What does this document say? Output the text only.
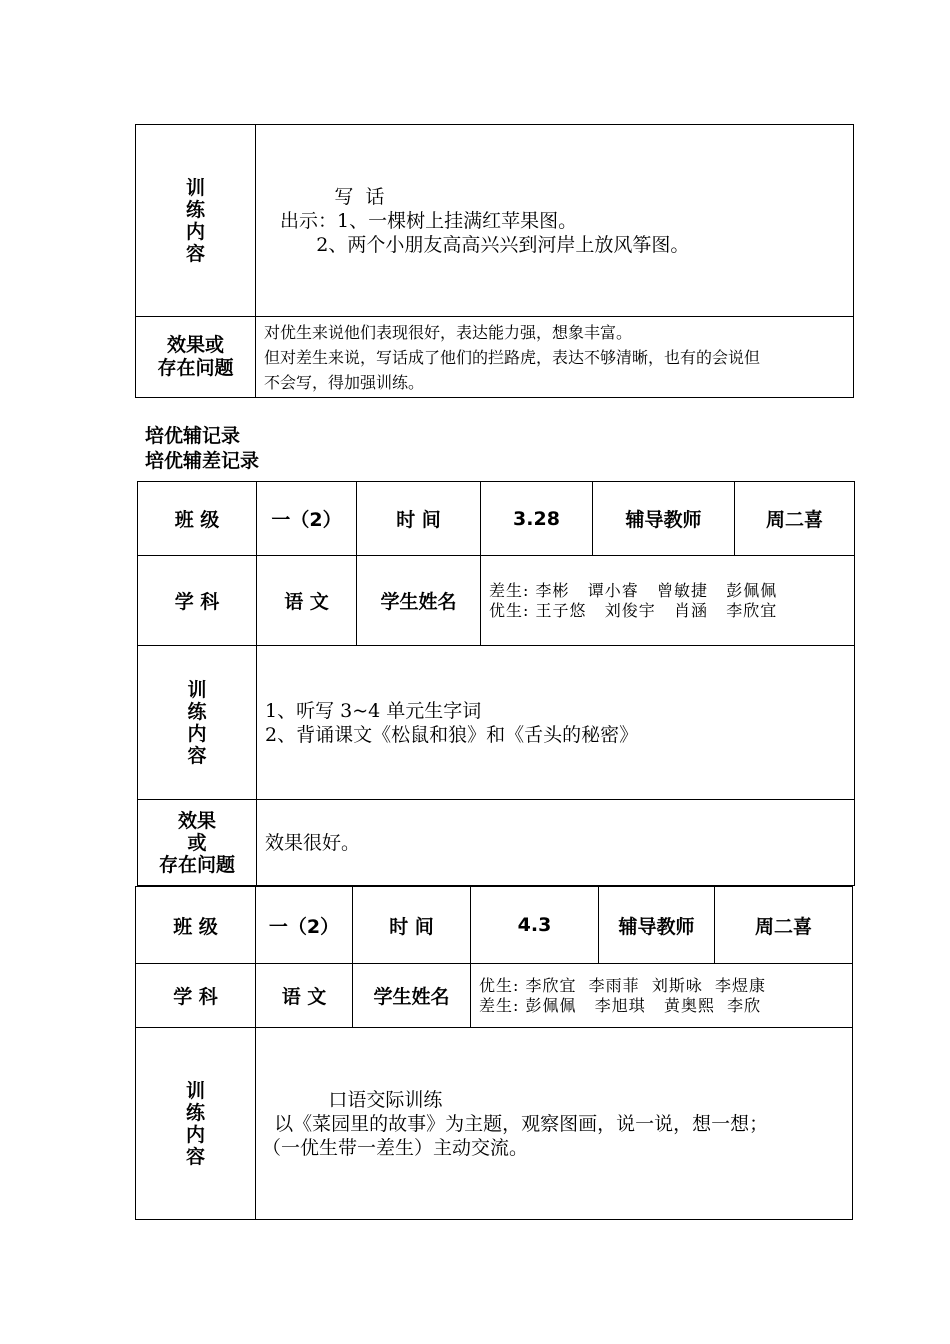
训练内容	写  话
出示：1、一棵树上挂满红苹果图。
2、两个小朋友高高兴兴到河岸上放风筝图。

效果或
存在问题	对优生来说他们表现很好，表达能力强，想象丰富。
但对差生来说，写话成了他们的拦路虎，表达不够清晰，也有的会说但
不会写，得加强训练。
培优辅记录
培优辅差记录
班 级	一（2）	时 间	3.28	辅导教师	周二喜
学 科	语 文	学生姓名	差生: 李彬   谭小睿   曾敏捷   彭佩佩
优生: 王子悠   刘俊宇   肖涵   李欣宜		

训练内容	1、听写 3~4 单元生字词
2、背诵课文《松鼠和狼》和《舌头的秘密》				

效果
或
存在问题	效果很好。				
班 级	一（2）	时 间	4.3	辅导教师	周二喜
学 科	语 文	学生姓名	优生: 李欣宜  李雨菲  刘斯咏  李煜康
差生: 彭佩佩   李旭琪   黄奥熙  李欣		

训练内容	口语交际训练
以《菜园里的故事》为主题，观察图画，说一说，想一想；
（一优生带一差生）主动交流。				
